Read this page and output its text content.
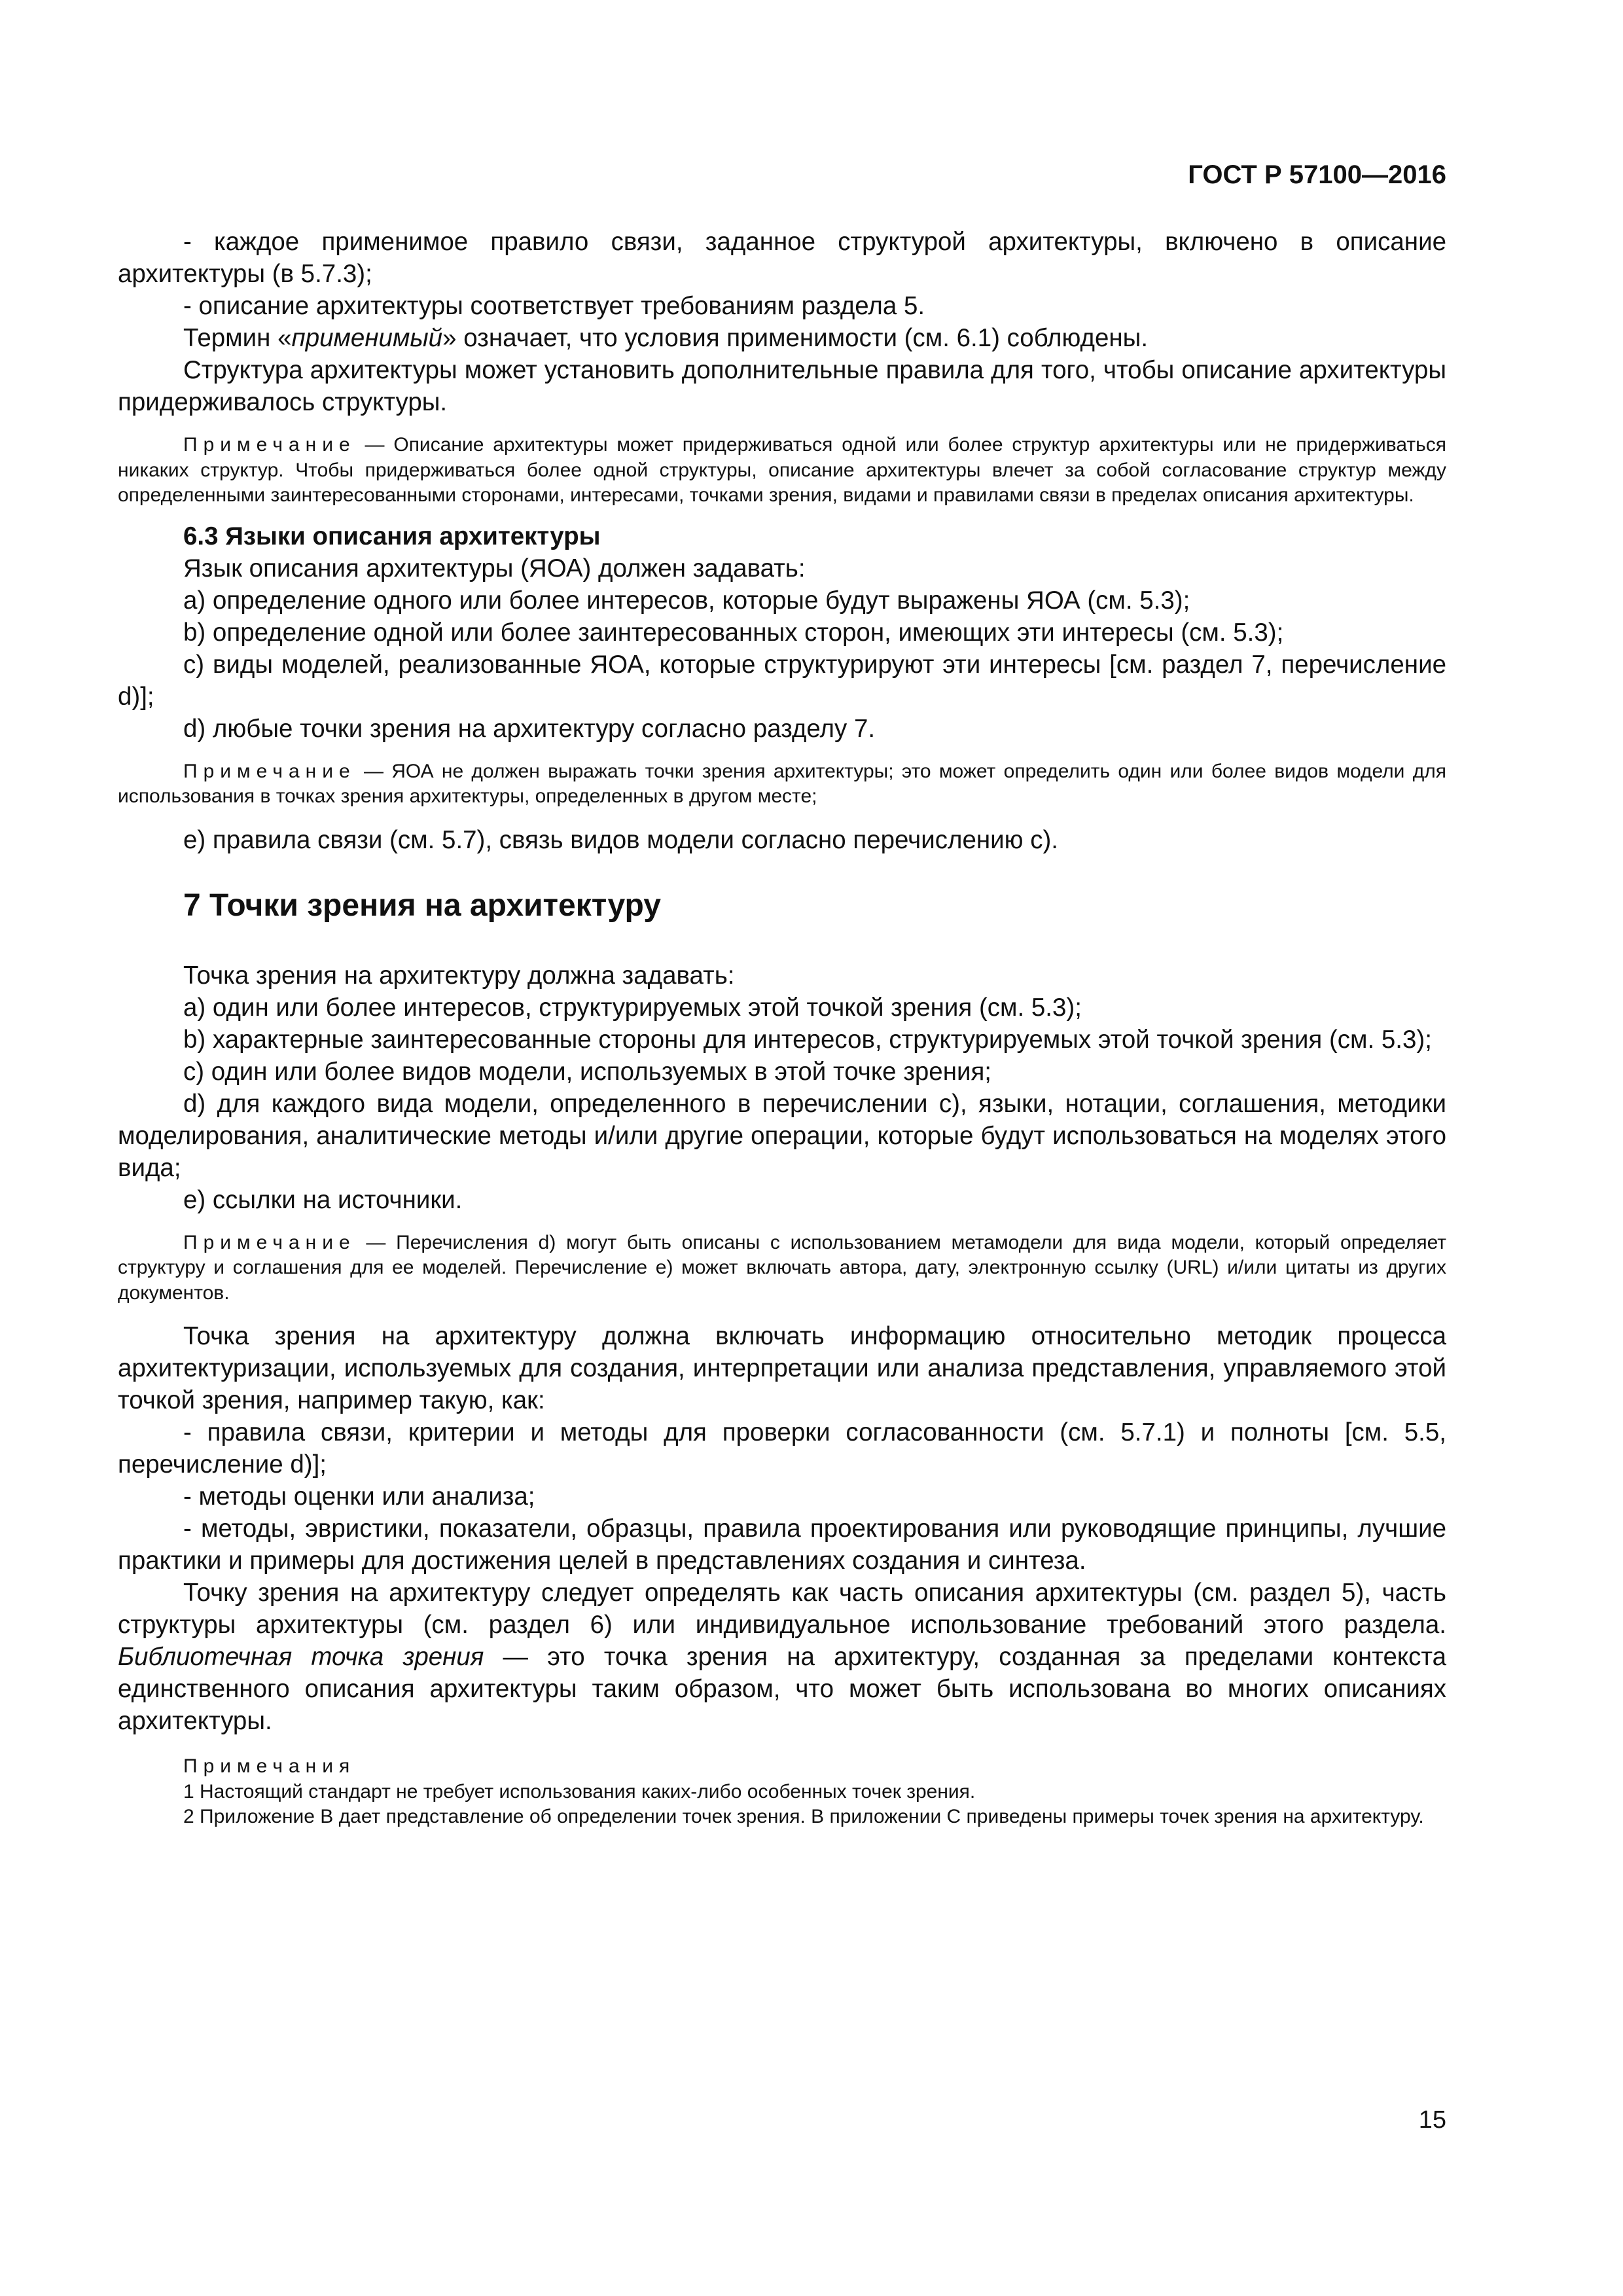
ГОСТ Р 57100—2016

- каждое применимое правило связи, заданное структурой архитектуры, включено в описание архитектуры (в 5.7.3);

- описание архитектуры соответствует требованиям раздела 5.

Термин «применимый» означает, что условия применимости (см. 6.1) соблюдены.

Структура архитектуры может установить дополнительные правила для того, чтобы описание архитектуры придерживалось структуры.

Примечание — Описание архитектуры может придерживаться одной или более структур архитектуры или не придерживаться никаких структур. Чтобы придерживаться более одной структуры, описание архитектуры влечет за собой согласование структур между определенными заинтересованными сторонами, интересами, точками зрения, видами и правилами связи в пределах описания архитектуры.

6.3 Языки описания архитектуры

Язык описания архитектуры (ЯОА) должен задавать:

a) определение одного или более интересов, которые будут выражены ЯОА (см. 5.3);

b) определение одной или более заинтересованных сторон, имеющих эти интересы (см. 5.3);

c) виды моделей, реализованные ЯОА, которые структурируют эти интересы [см. раздел 7, перечисление d)];

d) любые точки зрения на архитектуру согласно разделу 7.

Примечание — ЯОА не должен выражать точки зрения архитектуры; это может определить один или более видов модели для использования в точках зрения архитектуры, определенных в другом месте;

e) правила связи (см. 5.7), связь видов модели согласно перечислению c).

7 Точки зрения на архитектуру

Точка зрения на архитектуру должна задавать:

a) один или более интересов, структурируемых этой точкой зрения (см. 5.3);

b) характерные заинтересованные стороны для интересов, структурируемых этой точкой зрения (см. 5.3);

c) один или более видов модели, используемых в этой точке зрения;

d) для каждого вида модели, определенного в перечислении c), языки, нотации, соглашения, методики моделирования, аналитические методы и/или другие операции, которые будут использоваться на моделях этого вида;

e) ссылки на источники.

Примечание — Перечисления d) могут быть описаны с использованием метамодели для вида модели, который определяет структуру и соглашения для ее моделей. Перечисление e) может включать автора, дату, электронную ссылку (URL) и/или цитаты из других документов.

Точка зрения на архитектуру должна включать информацию относительно методик процесса архитектуризации, используемых для создания, интерпретации или анализа представления, управляемого этой точкой зрения, например такую, как:

- правила связи, критерии и методы для проверки согласованности (см. 5.7.1) и полноты [см. 5.5, перечисление d)];

- методы оценки или анализа;

- методы, эвристики, показатели, образцы, правила проектирования или руководящие принципы, лучшие практики и примеры для достижения целей в представлениях создания и синтеза.

Точку зрения на архитектуру следует определять как часть описания архитектуры (см. раздел 5), часть структуры архитектуры (см. раздел 6) или индивидуальное использование требований этого раздела. Библиотечная точка зрения — это точка зрения на архитектуру, созданная за пределами контекста единственного описания архитектуры таким образом, что может быть использована во многих описаниях архитектуры.

Примечания

1 Настоящий стандарт не требует использования каких-либо особенных точек зрения.

2 Приложение В дает представление об определении точек зрения. В приложении С приведены примеры точек зрения на архитектуру.

15
